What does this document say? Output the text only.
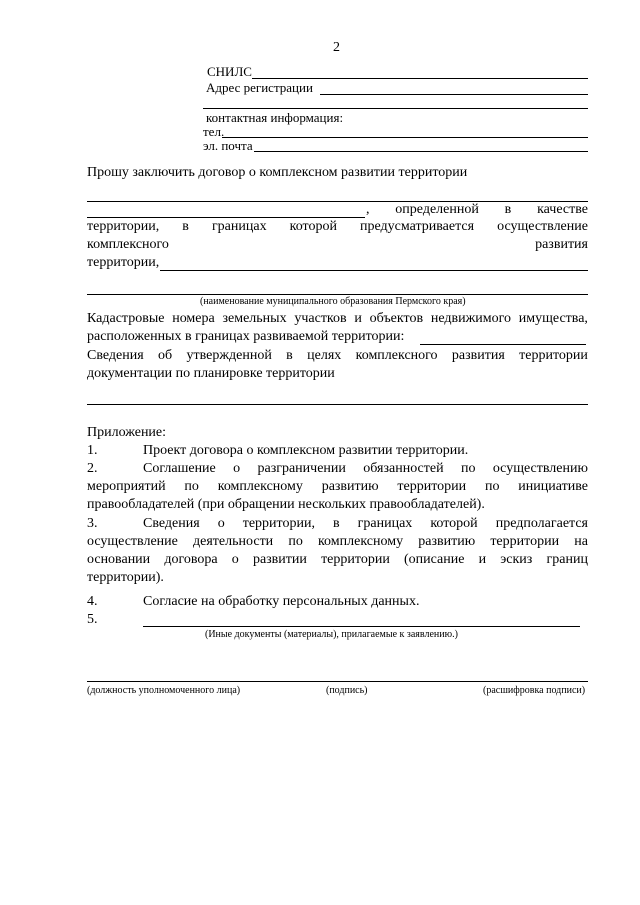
2
СНИЛС
Адрес регистрации
контактная информация:
тел.
эл. почта
Прошу заключить договор о комплексном развитии территории
, определенной в качестве
территории, в границах которой предусматривается осуществление
комплексного	развития
территории,
(наименование муниципального образования Пермского края)
Кадастровые номера земельных участков и объектов недвижимого имущества,
расположенных в границах развиваемой территории:
Сведения об утвержденной в целях комплексного развития территории
документации по планировке территории
Приложение:
1.	Проект договора о комплексном развитии территории.
2.	Соглашение о разграничении обязанностей по осуществлению
мероприятий по комплексному развитию территории по инициативе
правообладателей (при обращении нескольких правообладателей).
3.	Сведения о территории, в границах которой предполагается
осуществление деятельности по комплексному развитию территории на
основании договора о развитии территории (описание и эскиз границ
территории).
4.	Согласие на обработку персональных данных.
5.
(Иные документы (материалы), прилагаемые к заявлению.)
(должность уполномоченного лица)	(подпись)	(расшифровка подписи)
